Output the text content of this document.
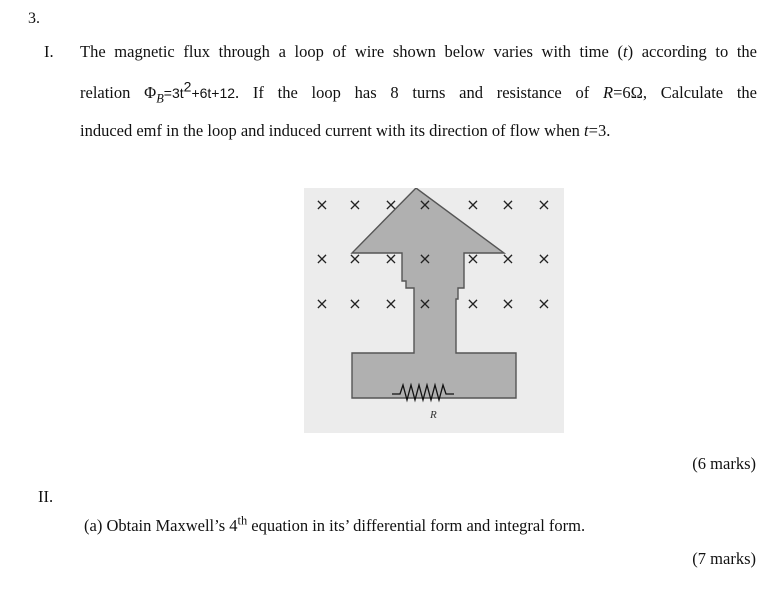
3.
I. The magnetic flux through a loop of wire shown below varies with time (t) according to the
relation $\Phi_B=3t^2+6t+12$. If the loop has 8 turns and resistance of R=6Ω, Calculate the
induced emf in the loop and induced current with its direction of flow when t=3.
× × ×	× × ×
×	× ×
× × ×	× × ×
×
× × × ×
×
R
(6 marks)
II.
(a) Obtain Maxwell’s 4th equation in its’ differential form and integral form.
(7 marks)
